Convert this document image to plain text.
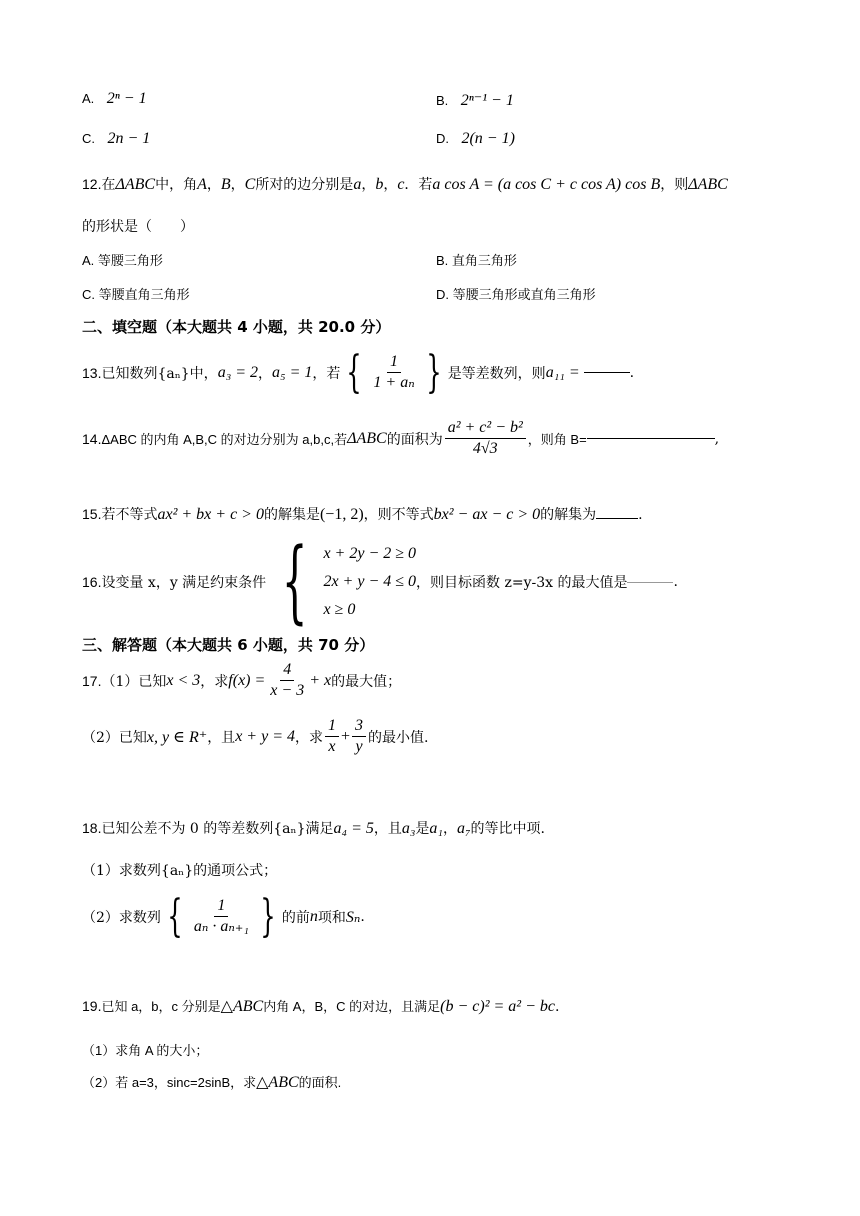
A. 2ⁿ − 1	B. 2ⁿ⁻¹ − 1
C. 2n − 1	D. 2(n − 1)
12.在ΔABC中，角A，B，C所对的边分别是a，b，c．若a cos A = (a cos C + c cos A) cos B，则ΔABC
的形状是（　　）
A. 等腰三角形	B. 直角三角形
C. 等腰直角三角形	D. 等腰三角形或直角三角形
二、填空题（本大题共 4 小题，共 20.0 分）
13. 已知数列{aₙ}中， a₃ = 2 ， a₅ = 1 ，若 { $\frac{1}{\text{1 + aₙ}}$ } 是等差数列，则 a₁₁ =	.
14. ΔABC 的内角 A,B,C 的对边分别为 a,b,c,若 ΔABC 的面积为 $\frac{\text{a² + c² − b²}}{4√3}$ ，则角 B=	,
15.若不等式ax² + bx + c > 0的解集是(−1, 2)，则不等式bx² − ax − c > 0的解集为	.
16. 设变量 x，y 满足约束条件 { x + 2y − 2 ≥ 0
2x + y − 4 ≤ 0
x ≥ 0
，则目标函数 z=y-3x 的最大值是	.
三、解答题（本大题共 6 小题，共 70 分）
17. （1）已知 x < 3 ，求 $f(x) = \frac{4}{x - 3} + x$ 的最大值；
（2）已知 x, y ∈ R⁺ ，且 x + y = 4 ，求 $\frac{1}{x} + \frac{3}{y}$ 的最小值.
18.已知公差不为 0 的等差数列{aₙ}满足a₄ = 5，且a₃是a₁，a₇的等比中项.
（1）求数列{aₙ}的通项公式；
（2）求数列 { $\frac{1}{\text{aₙ · aₙ₊₁}}$ } 的前 n 项和 Sₙ .
19.已知 a，b，c 分别是△ABC内角 A，B，C 的对边，且满足(b − c)² = a² − bc.
（1）求角 A 的大小；
（2）若 a=3，sinc=2sinB，求△ABC的面积.
